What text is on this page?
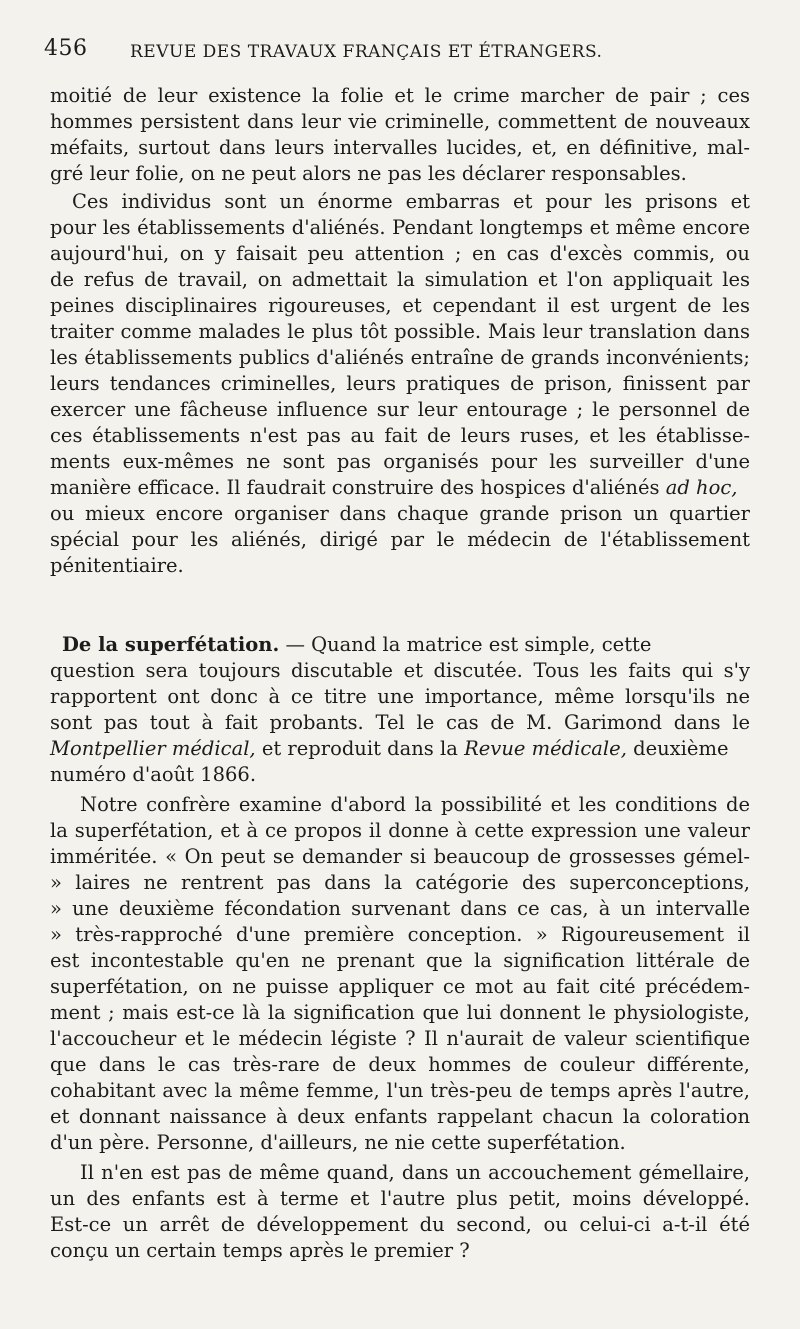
456	REVUE DES TRAVAUX FRANÇAIS ET ÉTRANGERS.
moitié de leur existence la folie et le crime marcher de pair ; ces
hommes persistent dans leur vie criminelle, commettent de nouveaux
méfaits, surtout dans leurs intervalles lucides, et, en définitive, mal-
gré leur folie, on ne peut alors ne pas les déclarer responsables.
Ces individus sont un énorme embarras et pour les prisons et
pour les établissements d'aliénés. Pendant longtemps et même encore
aujourd'hui, on y faisait peu attention ; en cas d'excès commis, ou
de refus de travail, on admettait la simulation et l'on appliquait les
peines disciplinaires rigoureuses, et cependant il est urgent de les
traiter comme malades le plus tôt possible. Mais leur translation dans
les établissements publics d'aliénés entraîne de grands inconvénients;
leurs tendances criminelles, leurs pratiques de prison, finissent par
exercer une fâcheuse influence sur leur entourage ; le personnel de
ces établissements n'est pas au fait de leurs ruses, et les établisse-
ments eux-mêmes ne sont pas organisés pour les surveiller d'une
manière efficace. Il faudrait construire des hospices d'aliénés ad hoc,
ou mieux encore organiser dans chaque grande prison un quartier
spécial pour les aliénés, dirigé par le médecin de l'établissement
pénitentiaire.
De la superfétation. — Quand la matrice est simple, cette
question sera toujours discutable et discutée. Tous les faits qui s'y
rapportent ont donc à ce titre une importance, même lorsqu'ils ne
sont pas tout à fait probants. Tel le cas de M. Garimond dans le
Montpellier médical, et reproduit dans la Revue médicale, deuxième
numéro d'août 1866.
Notre confrère examine d'abord la possibilité et les conditions de
la superfétation, et à ce propos il donne à cette expression une valeur
imméritée. « On peut se demander si beaucoup de grossesses gémel-
» laires ne rentrent pas dans la catégorie des superconceptions,
» une deuxième fécondation survenant dans ce cas, à un intervalle
» très-rapproché d'une première conception. » Rigoureusement il
est incontestable qu'en ne prenant que la signification littérale de
superfétation, on ne puisse appliquer ce mot au fait cité précédem-
ment ; mais est-ce là la signification que lui donnent le physiologiste,
l'accoucheur et le médecin légiste ? Il n'aurait de valeur scientifique
que dans le cas très-rare de deux hommes de couleur différente,
cohabitant avec la même femme, l'un très-peu de temps après l'autre,
et donnant naissance à deux enfants rappelant chacun la coloration
d'un père. Personne, d'ailleurs, ne nie cette superfétation.
Il n'en est pas de même quand, dans un accouchement gémellaire,
un des enfants est à terme et l'autre plus petit, moins développé.
Est-ce un arrêt de développement du second, ou celui-ci a-t-il été
conçu un certain temps après le premier ?
